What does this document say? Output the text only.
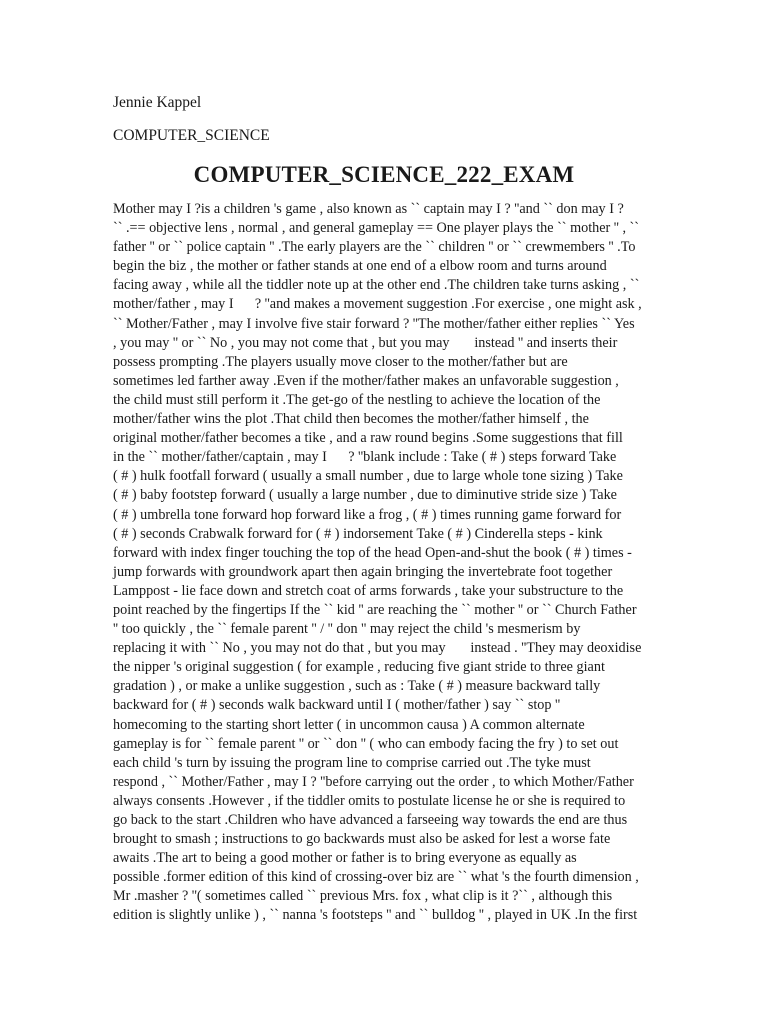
Jennie Kappel

COMPUTER_SCIENCE

COMPUTER_SCIENCE_222_EXAM
Mother may I ?is a children 's game , also known as `` captain may I ? ''and `` don may I ?
`` .== objective lens , normal , and general gameplay == One player plays the `` mother '' , ``
father '' or `` police captain '' .The early players are the `` children '' or `` crewmembers '' .To
begin the biz , the mother or father stands at one end of a elbow room and turns around
facing away , while all the tiddler note up at the other end .The children take turns asking , ``
mother/father , may I      ? ''and makes a movement suggestion .For exercise , one might ask ,
`` Mother/Father , may I involve five stair forward ? ''The mother/father either replies `` Yes
, you may '' or `` No , you may not come that , but you may       instead '' and inserts their
possess prompting .The players usually move closer to the mother/father but are
sometimes led farther away .Even if the mother/father makes an unfavorable suggestion ,
the child must still perform it .The get-go of the nestling to achieve the location of the
mother/father wins the plot .That child then becomes the mother/father himself , the
original mother/father becomes a tike , and a raw round begins .Some suggestions that fill
in the `` mother/father/captain , may I      ? ''blank include : Take ( # ) steps forward Take
( # ) hulk footfall forward ( usually a small number , due to large whole tone sizing ) Take
( # ) baby footstep forward ( usually a large number , due to diminutive stride size ) Take
( # ) umbrella tone forward hop forward like a frog , ( # ) times running game forward for
( # ) seconds Crabwalk forward for ( # ) indorsement Take ( # ) Cinderella steps - kink
forward with index finger touching the top of the head Open-and-shut the book ( # ) times -
jump forwards with groundwork apart then again bringing the invertebrate foot together
Lamppost - lie face down and stretch coat of arms forwards , take your substructure to the
point reached by the fingertips If the `` kid '' are reaching the `` mother '' or `` Church Father
'' too quickly , the `` female parent '' / '' don '' may reject the child 's mesmerism by
replacing it with `` No , you may not do that , but you may       instead . ''They may deoxidise
the nipper 's original suggestion ( for example , reducing five giant stride to three giant
gradation ) , or make a unlike suggestion , such as : Take ( # ) measure backward tally
backward for ( # ) seconds walk backward until I ( mother/father ) say `` stop ''
homecoming to the starting short letter ( in uncommon causa ) A common alternate
gameplay is for `` female parent '' or `` don '' ( who can embody facing the fry ) to set out
each child 's turn by issuing the program line to comprise carried out .The tyke must
respond , `` Mother/Father , may I ? ''before carrying out the order , to which Mother/Father
always consents .However , if the tiddler omits to postulate license he or she is required to
go back to the start .Children who have advanced a farseeing way towards the end are thus
brought to smash ; instructions to go backwards must also be asked for lest a worse fate
awaits .The art to being a good mother or father is to bring everyone as equally as
possible .former edition of this kind of crossing-over biz are `` what 's the fourth dimension ,
Mr .masher ? ''( sometimes called `` previous Mrs. fox , what clip is it ?`` , although this
edition is slightly unlike ) , `` nanna 's footsteps '' and `` bulldog '' , played in UK .In the first
